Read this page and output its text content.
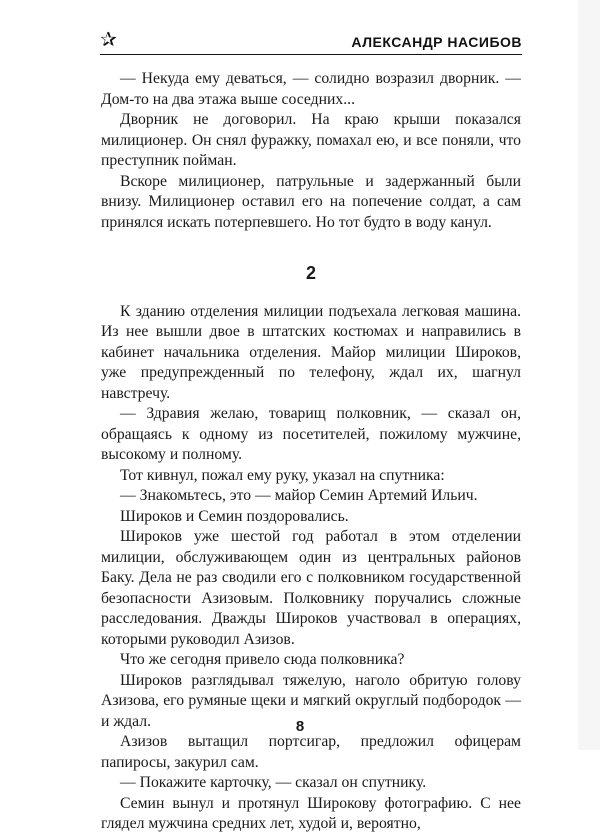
✰	АЛЕКСАНДР НАСИБОВ

— Некуда ему деваться, — солидно возразил дворник. — Дом-то на два этажа выше соседних...

Дворник не договорил. На краю крыши показался милиционер. Он снял фуражку, помахал ею, и все поняли, что преступник пойман.

Вскоре милиционер, патрульные и задержанный были внизу. Милиционер оставил его на попечение солдат, а сам принялся искать потерпевшего. Но тот будто в воду канул.

2

К зданию отделения милиции подъехала легковая машина. Из нее вышли двое в штатских костюмах и направились в кабинет начальника отделения. Майор милиции Широков, уже предупрежденный по телефону, ждал их, шагнул навстречу.

— Здравия желаю, товарищ полковник, — сказал он, обращаясь к одному из посетителей, пожилому мужчине, высокому и полному.

Тот кивнул, пожал ему руку, указал на спутника:

— Знакомьтесь, это — майор Семин Артемий Ильич.

Широков и Семин поздоровались.

Широков уже шестой год работал в этом отделении милиции, обслуживающем один из центральных районов Баку. Дела не раз сводили его с полковником государственной безопасности Азизовым. Полковнику поручались сложные расследования. Дважды Широков участвовал в операциях, которыми руководил Азизов.

Что же сегодня привело сюда полковника?

Широков разглядывал тяжелую, наголо обритую голову Азизова, его румяные щеки и мягкий округлый подбородок — и ждал.

Азизов вытащил портсигар, предложил офицерам папиросы, закурил сам.

— Покажите карточку, — сказал он спутнику.

Семин вынул и протянул Широкову фотографию. С нее глядел мужчина средних лет, худой и, вероятно,

8
